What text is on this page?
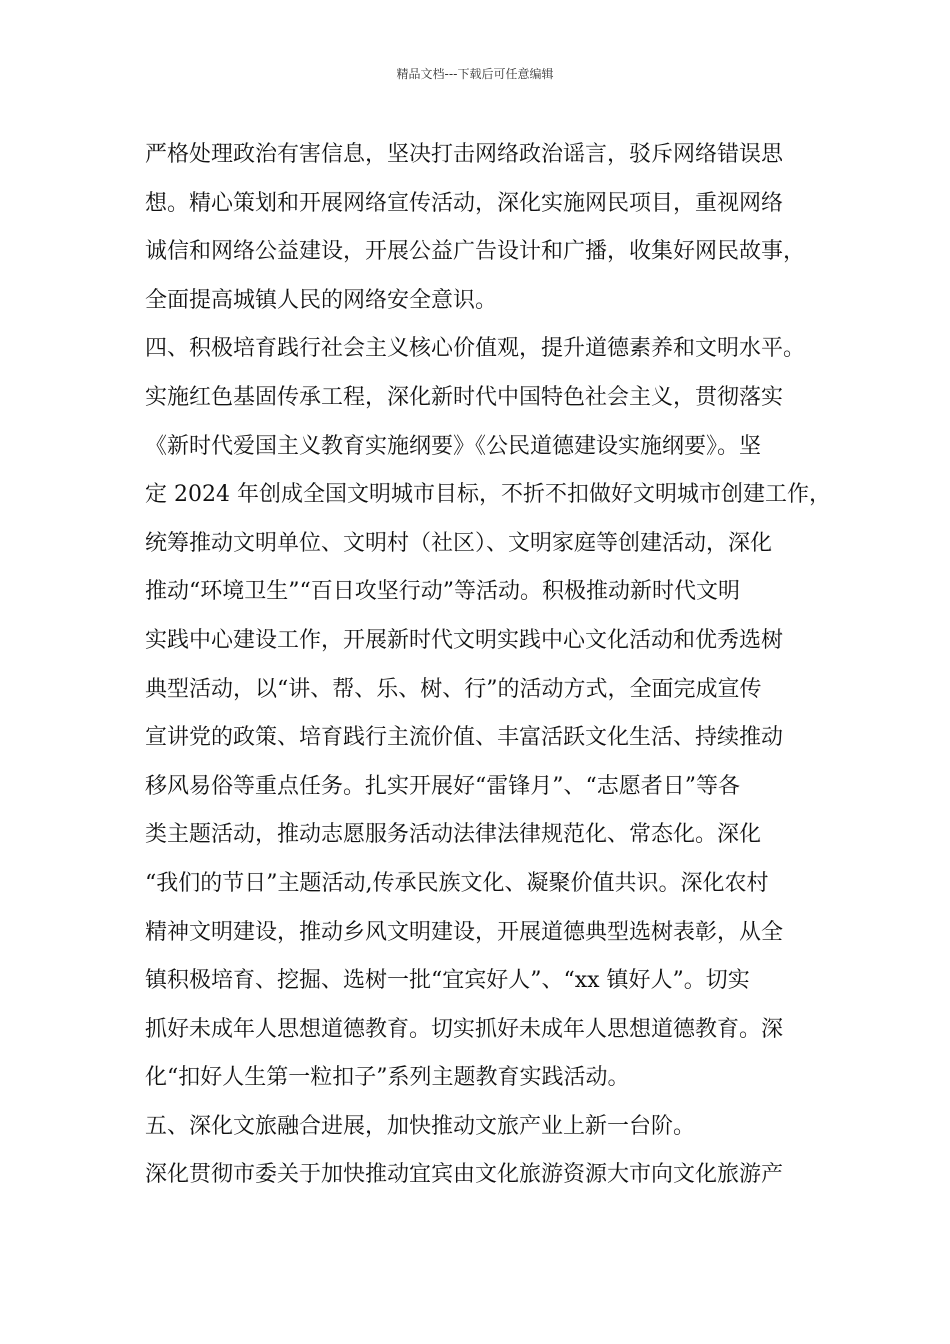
精品文档---下载后可任意编辑
严格处理政治有害信息，坚决打击网络政治谣言，驳斥网络错误思
想。精心策划和开展网络宣传活动，深化实施网民项目，重视网络
诚信和网络公益建设，开展公益广告设计和广播，收集好网民故事，
全面提高城镇人民的网络安全意识。
四、积极培育践行社会主义核心价值观，提升道德素养和文明水平。
实施红色基固传承工程，深化新时代中国特色社会主义，贯彻落实
《新时代爱国主义教育实施纲要》《公民道德建设实施纲要》。坚
定 2024 年创成全国文明城市目标，不折不扣做好文明城市创建工作，
统筹推动文明单位、文明村（社区）、文明家庭等创建活动，深化
推动“环境卫生”“百日攻坚行动”等活动。积极推动新时代文明
实践中心建设工作，开展新时代文明实践中心文化活动和优秀选树
典型活动，以“讲、帮、乐、树、行”的活动方式，全面完成宣传
宣讲党的政策、培育践行主流价值、丰富活跃文化生活、持续推动
移风易俗等重点任务。扎实开展好“雷锋月”、“志愿者日”等各
类主题活动，推动志愿服务活动法律法律规范化、常态化。深化
“我们的节日”主题活动,传承民族文化、凝聚价值共识。深化农村
精神文明建设，推动乡风文明建设，开展道德典型选树表彰，从全
镇积极培育、挖掘、选树一批“宜宾好人”、“xx 镇好人”。切实
抓好未成年人思想道德教育。切实抓好未成年人思想道德教育。深
化“扣好人生第一粒扣子”系列主题教育实践活动。
五、深化文旅融合进展，加快推动文旅产业上新一台阶。
深化贯彻市委关于加快推动宜宾由文化旅游资源大市向文化旅游产
